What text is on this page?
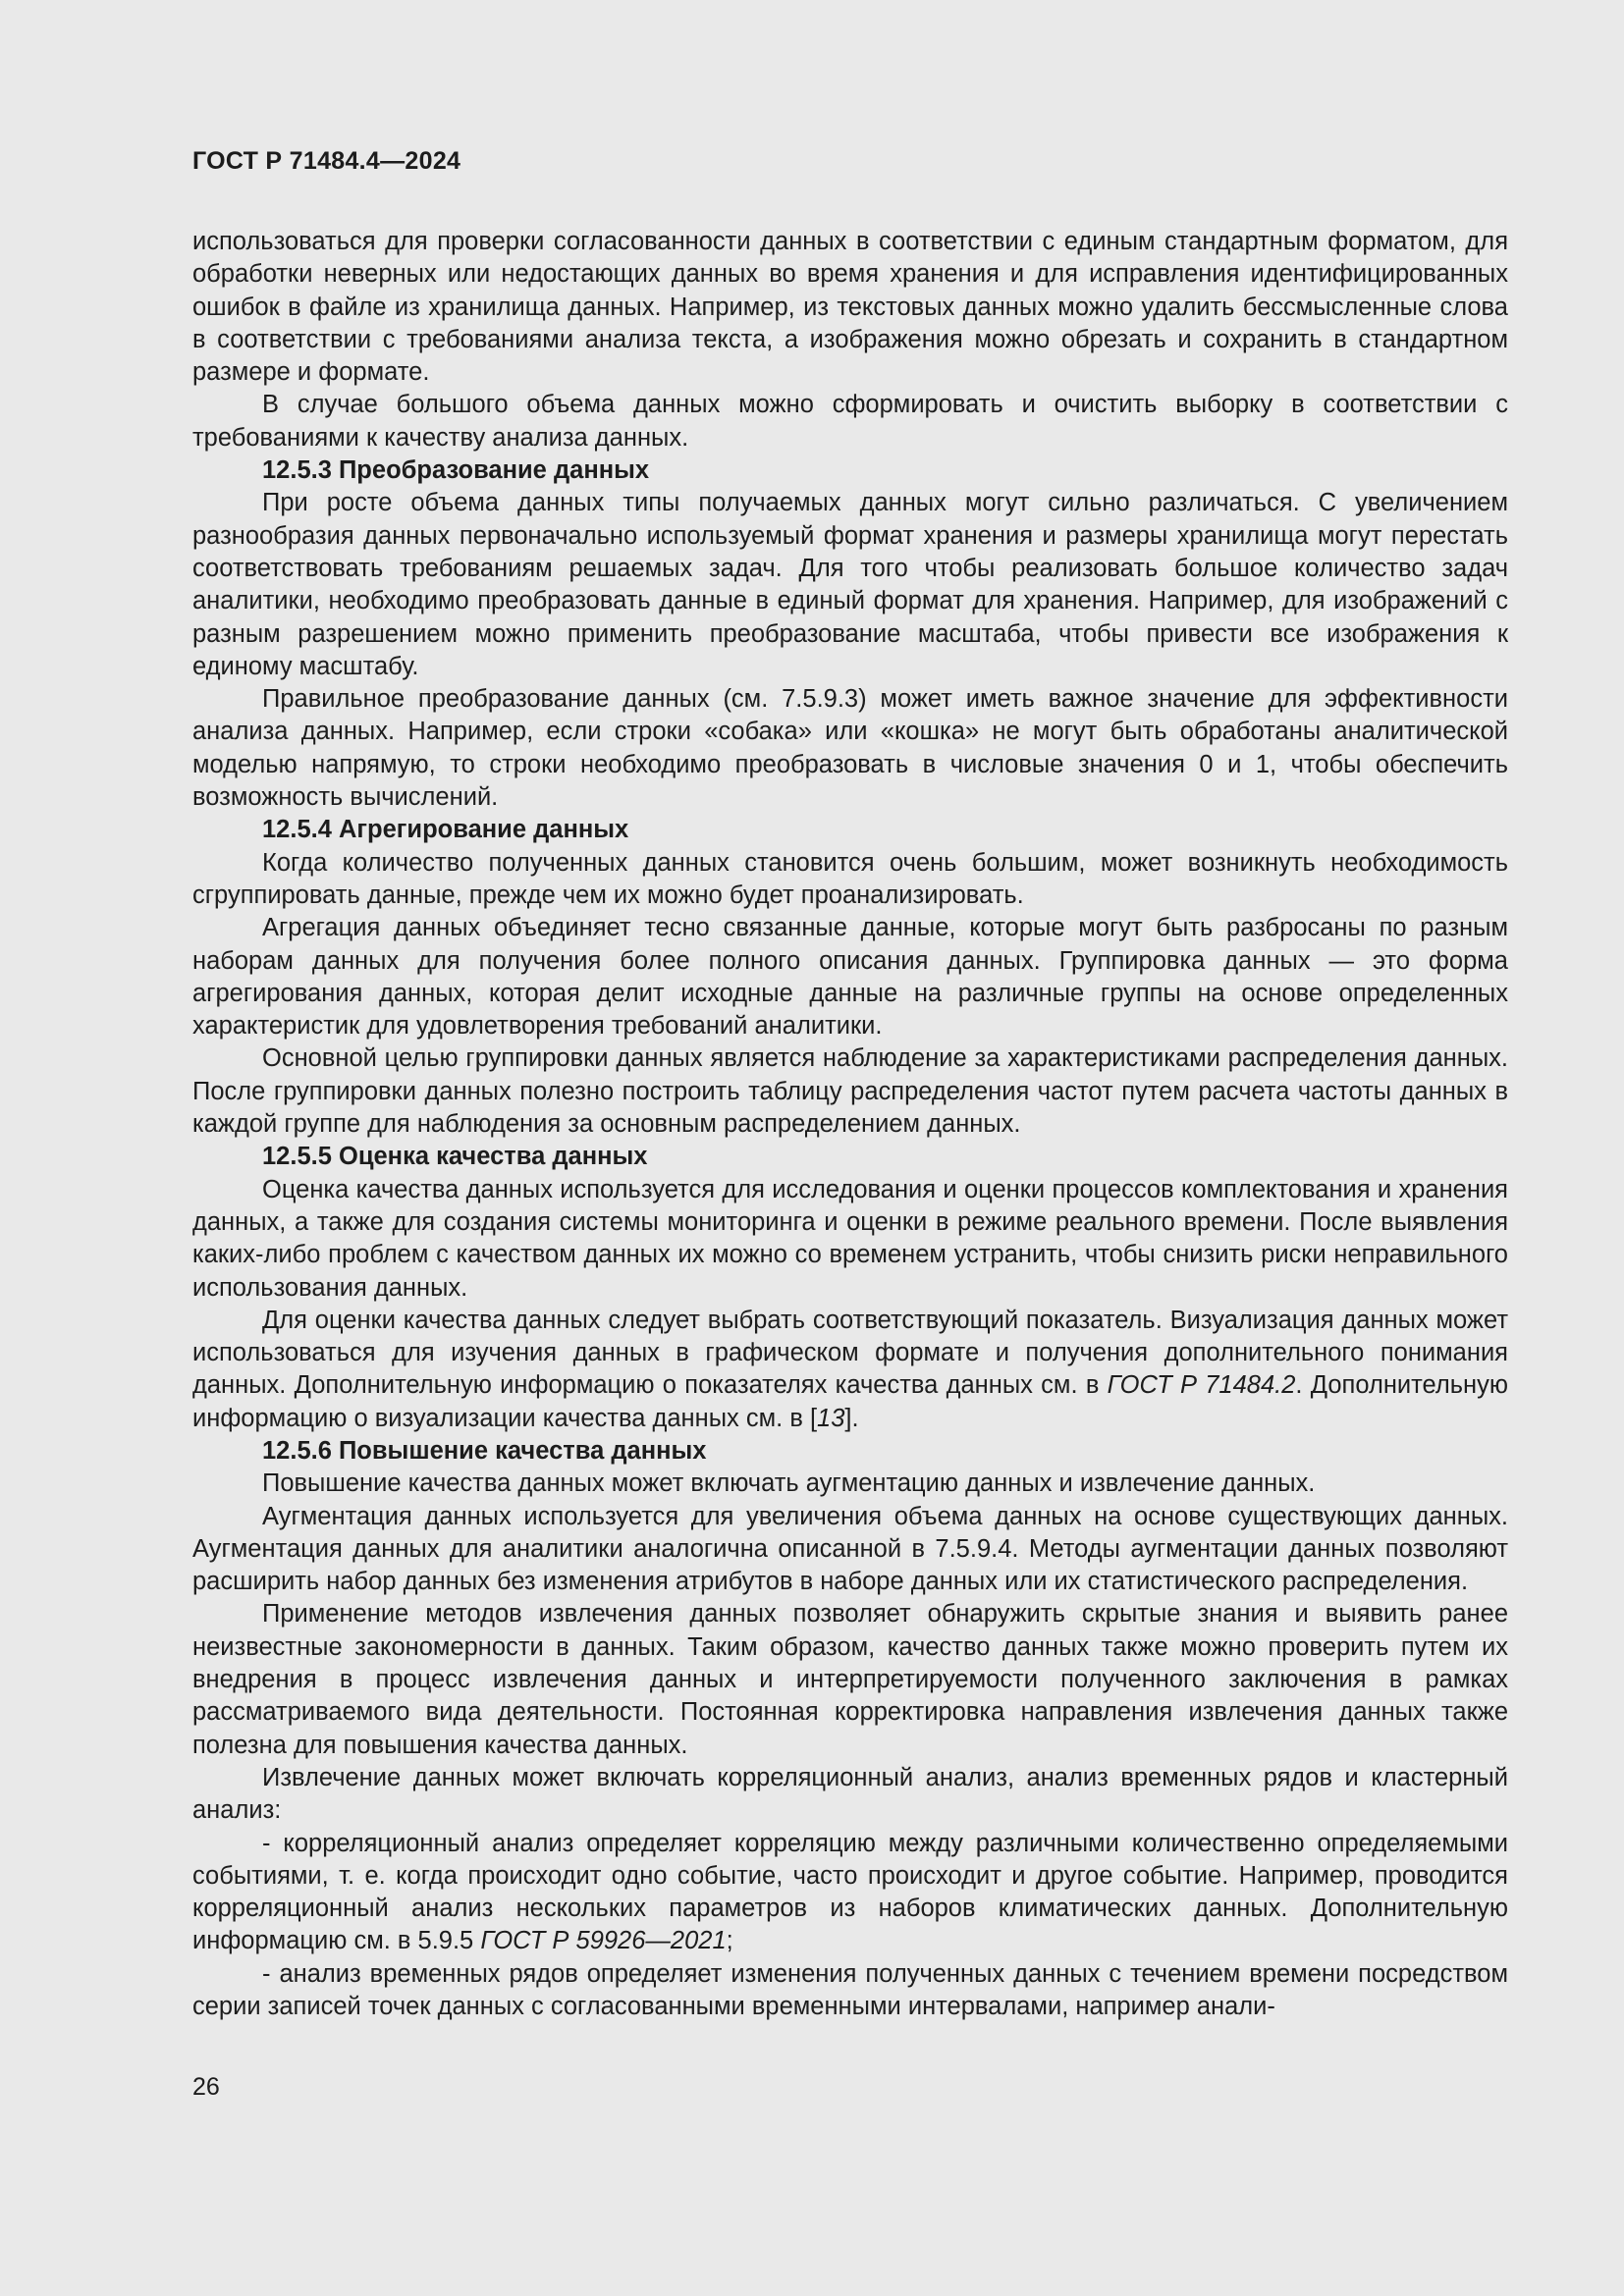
ГОСТ Р 71484.4—2024

использоваться для проверки согласованности данных в соответствии с единым стандартным форматом, для обработки неверных или недостающих данных во время хранения и для исправления идентифицированных ошибок в файле из хранилища данных. Например, из текстовых данных можно удалить бессмысленные слова в соответствии с требованиями анализа текста, а изображения можно обрезать и сохранить в стандартном размере и формате.

В случае большого объема данных можно сформировать и очистить выборку в соответствии с требованиями к качеству анализа данных.

12.5.3 Преобразование данных

При росте объема данных типы получаемых данных могут сильно различаться. С увеличением разнообразия данных первоначально используемый формат хранения и размеры хранилища могут перестать соответствовать требованиям решаемых задач. Для того чтобы реализовать большое количество задач аналитики, необходимо преобразовать данные в единый формат для хранения. Например, для изображений с разным разрешением можно применить преобразование масштаба, чтобы привести все изображения к единому масштабу.

Правильное преобразование данных (см. 7.5.9.3) может иметь важное значение для эффективности анализа данных. Например, если строки «собака» или «кошка» не могут быть обработаны аналитической моделью напрямую, то строки необходимо преобразовать в числовые значения 0 и 1, чтобы обеспечить возможность вычислений.

12.5.4 Агрегирование данных

Когда количество полученных данных становится очень большим, может возникнуть необходимость сгруппировать данные, прежде чем их можно будет проанализировать.

Агрегация данных объединяет тесно связанные данные, которые могут быть разбросаны по разным наборам данных для получения более полного описания данных. Группировка данных — это форма агрегирования данных, которая делит исходные данные на различные группы на основе определенных характеристик для удовлетворения требований аналитики.

Основной целью группировки данных является наблюдение за характеристиками распределения данных. После группировки данных полезно построить таблицу распределения частот путем расчета частоты данных в каждой группе для наблюдения за основным распределением данных.

12.5.5 Оценка качества данных

Оценка качества данных используется для исследования и оценки процессов комплектования и хранения данных, а также для создания системы мониторинга и оценки в режиме реального времени. После выявления каких-либо проблем с качеством данных их можно со временем устранить, чтобы снизить риски неправильного использования данных.

Для оценки качества данных следует выбрать соответствующий показатель. Визуализация данных может использоваться для изучения данных в графическом формате и получения дополнительного понимания данных. Дополнительную информацию о показателях качества данных см. в ГОСТ Р 71484.2. Дополнительную информацию о визуализации качества данных см. в [13].

12.5.6 Повышение качества данных

Повышение качества данных может включать аугментацию данных и извлечение данных.

Аугментация данных используется для увеличения объема данных на основе существующих данных. Аугментация данных для аналитики аналогична описанной в 7.5.9.4. Методы аугментации данных позволяют расширить набор данных без изменения атрибутов в наборе данных или их статистического распределения.

Применение методов извлечения данных позволяет обнаружить скрытые знания и выявить ранее неизвестные закономерности в данных. Таким образом, качество данных также можно проверить путем их внедрения в процесс извлечения данных и интерпретируемости полученного заключения в рамках рассматриваемого вида деятельности. Постоянная корректировка направления извлечения данных также полезна для повышения качества данных.

Извлечение данных может включать корреляционный анализ, анализ временных рядов и кластерный анализ:

- корреляционный анализ определяет корреляцию между различными количественно определяемыми событиями, т. е. когда происходит одно событие, часто происходит и другое событие. Например, проводится корреляционный анализ нескольких параметров из наборов климатических данных. Дополнительную информацию см. в 5.9.5 ГОСТ Р 59926—2021;

- анализ временных рядов определяет изменения полученных данных с течением времени посредством серии записей точек данных с согласованными временными интервалами, например анали-

26
